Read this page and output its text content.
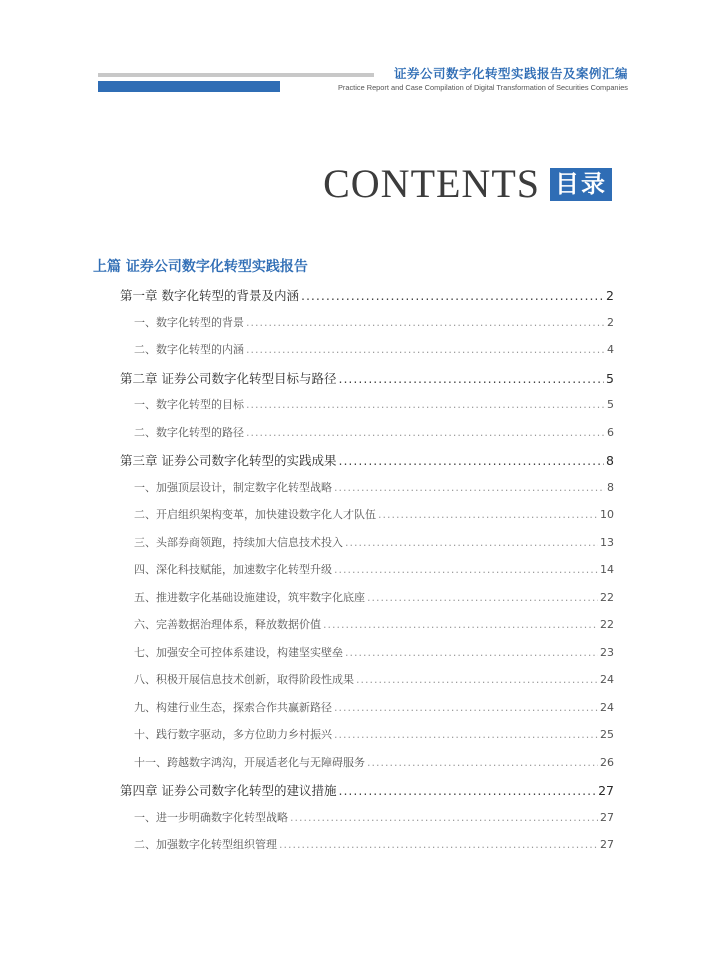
证券公司数字化转型实践报告及案例汇编
Practice Report and Case Compilation of Digital Transformation of Securities Companies
CONTENTS 目录
上篇 证券公司数字化转型实践报告
第一章 数字化转型的背景及内涵 .....	2
一、数字化转型的背景 .....	2
二、数字化转型的内涵 .....	4
第二章 证券公司数字化转型目标与路径 .....	5
一、数字化转型的目标 .....	5
二、数字化转型的路径 .....	6
第三章 证券公司数字化转型的实践成果 .....	8
一、加强顶层设计，制定数字化转型战略 .....	8
二、开启组织架构变革，加快建设数字化人才队伍 .....	10
三、头部券商领跑，持续加大信息技术投入 .....	13
四、深化科技赋能，加速数字化转型升级 .....	14
五、推进数字化基础设施建设，筑牢数字化底座 .....	22
六、完善数据治理体系，释放数据价值 .....	22
七、加强安全可控体系建设，构建坚实壁垒 .....	23
八、积极开展信息技术创新，取得阶段性成果 .....	24
九、构建行业生态，探索合作共赢新路径 .....	24
十、践行数字驱动，多方位助力乡村振兴 .....	25
十一、跨越数字鸿沟，开展适老化与无障碍服务 .....	26
第四章 证券公司数字化转型的建议措施 .....	27
一、进一步明确数字化转型战略 .....	27
二、加强数字化转型组织管理 .....	27
